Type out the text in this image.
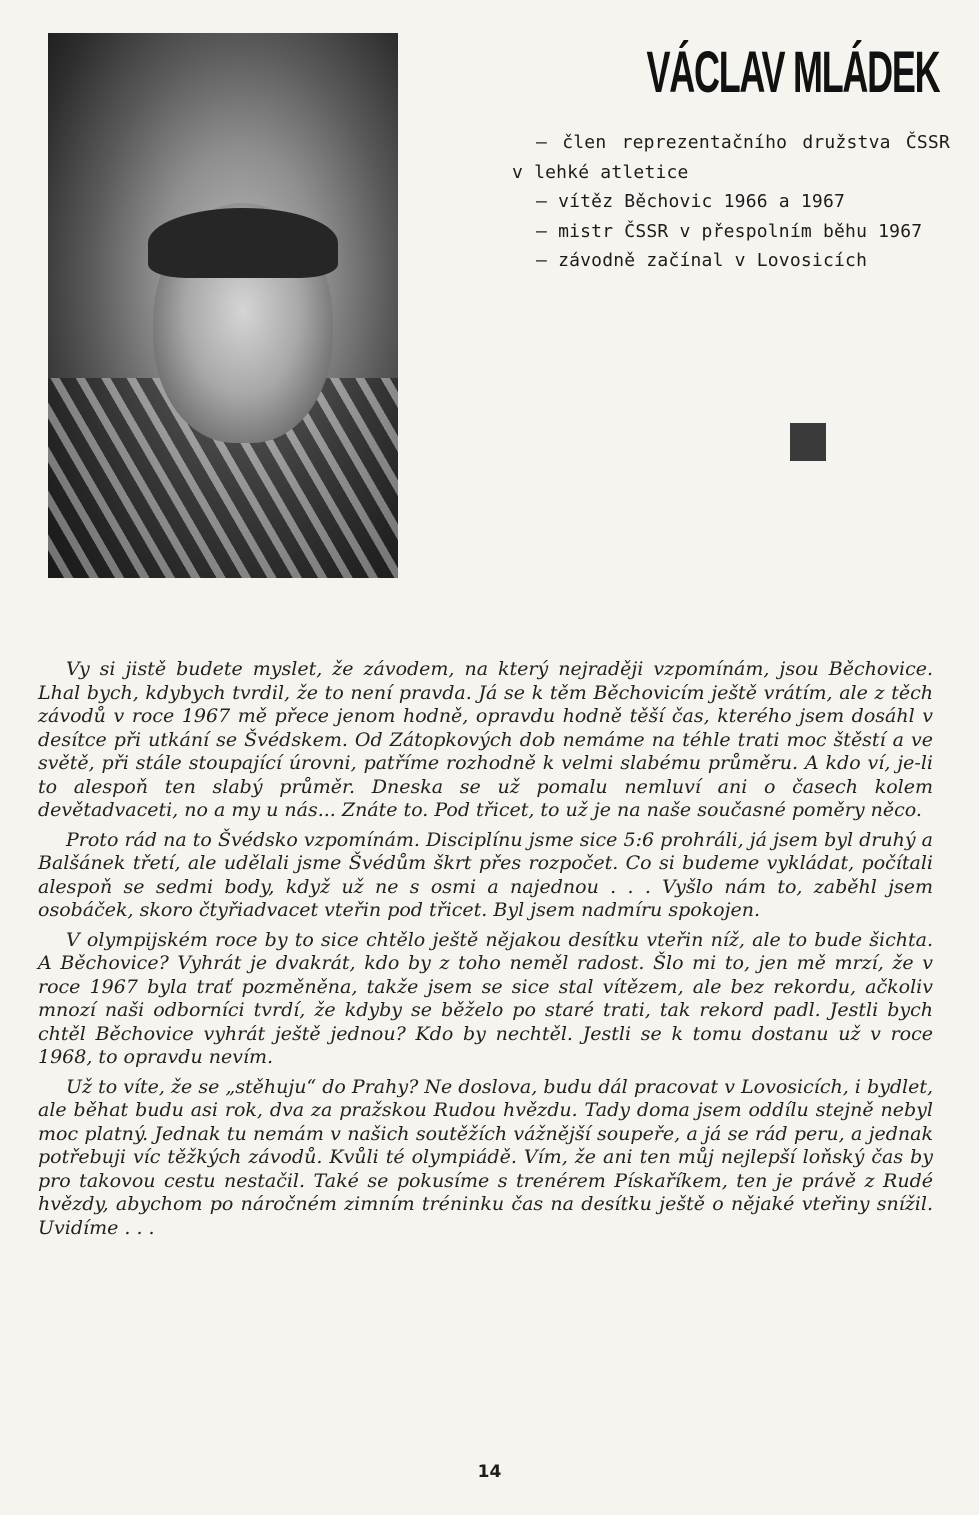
VÁCLAV MLÁDEK

— člen reprezentačního družstva ČSSR v lehké atletice

— vítěz Běchovic 1966 a 1967

— mistr ČSSR v přespolním běhu 1967

— závodně začínal v Lovosicích

Vy si jistě budete myslet, že závodem, na který nejraději vzpomínám, jsou Běchovice. Lhal bych, kdybych tvrdil, že to není pravda. Já se k těm Běchovicím ještě vrátím, ale z těch závodů v roce 1967 mě přece jenom hodně, opravdu hodně těší čas, kterého jsem dosáhl v desítce při utkání se Švédskem. Od Zátopkových dob nemáme na téhle trati moc štěstí a ve světě, při stále stoupající úrovni, patříme rozhodně k velmi slabému průměru. A kdo ví, je-li to alespoň ten slabý průměr. Dneska se už pomalu nemluví ani o časech kolem devětadvaceti, no a my u nás... Znáte to. Pod třicet, to už je na naše současné poměry něco.

Proto rád na to Švédsko vzpomínám. Disciplínu jsme sice 5:6 prohráli, já jsem byl druhý a Balšánek třetí, ale udělali jsme Švédům škrt přes rozpočet. Co si budeme vykládat, počítali alespoň se sedmi body, když už ne s osmi a najednou . . . Vyšlo nám to, zaběhl jsem osobáček, skoro čtyřiadvacet vteřin pod třicet. Byl jsem nadmíru spokojen.

V olympijském roce by to sice chtělo ještě nějakou desítku vteřin níž, ale to bude šichta. A Běchovice? Vyhrát je dvakrát, kdo by z toho neměl radost. Šlo mi to, jen mě mrzí, že v roce 1967 byla trať pozměněna, takže jsem se sice stal vítězem, ale bez rekordu, ačkoliv mnozí naši odborníci tvrdí, že kdyby se běželo po staré trati, tak rekord padl. Jestli bych chtěl Běchovice vyhrát ještě jednou? Kdo by nechtěl. Jestli se k tomu dostanu už v roce 1968, to opravdu nevím.

Už to víte, že se „stěhuju“ do Prahy? Ne doslova, budu dál pracovat v Lovosicích, i bydlet, ale běhat budu asi rok, dva za pražskou Rudou hvězdu. Tady doma jsem oddílu stejně nebyl moc platný. Jednak tu nemám v našich soutěžích vážnější soupeře, a já se rád peru, a jednak potřebuji víc těžkých závodů. Kvůli té olympiádě. Vím, že ani ten můj nejlepší loňský čas by pro takovou cestu nestačil. Také se pokusíme s trenérem Pískaříkem, ten je právě z Rudé hvězdy, abychom po náročném zimním tréninku čas na desítku ještě o nějaké vteřiny snížil. Uvidíme . . .

14
